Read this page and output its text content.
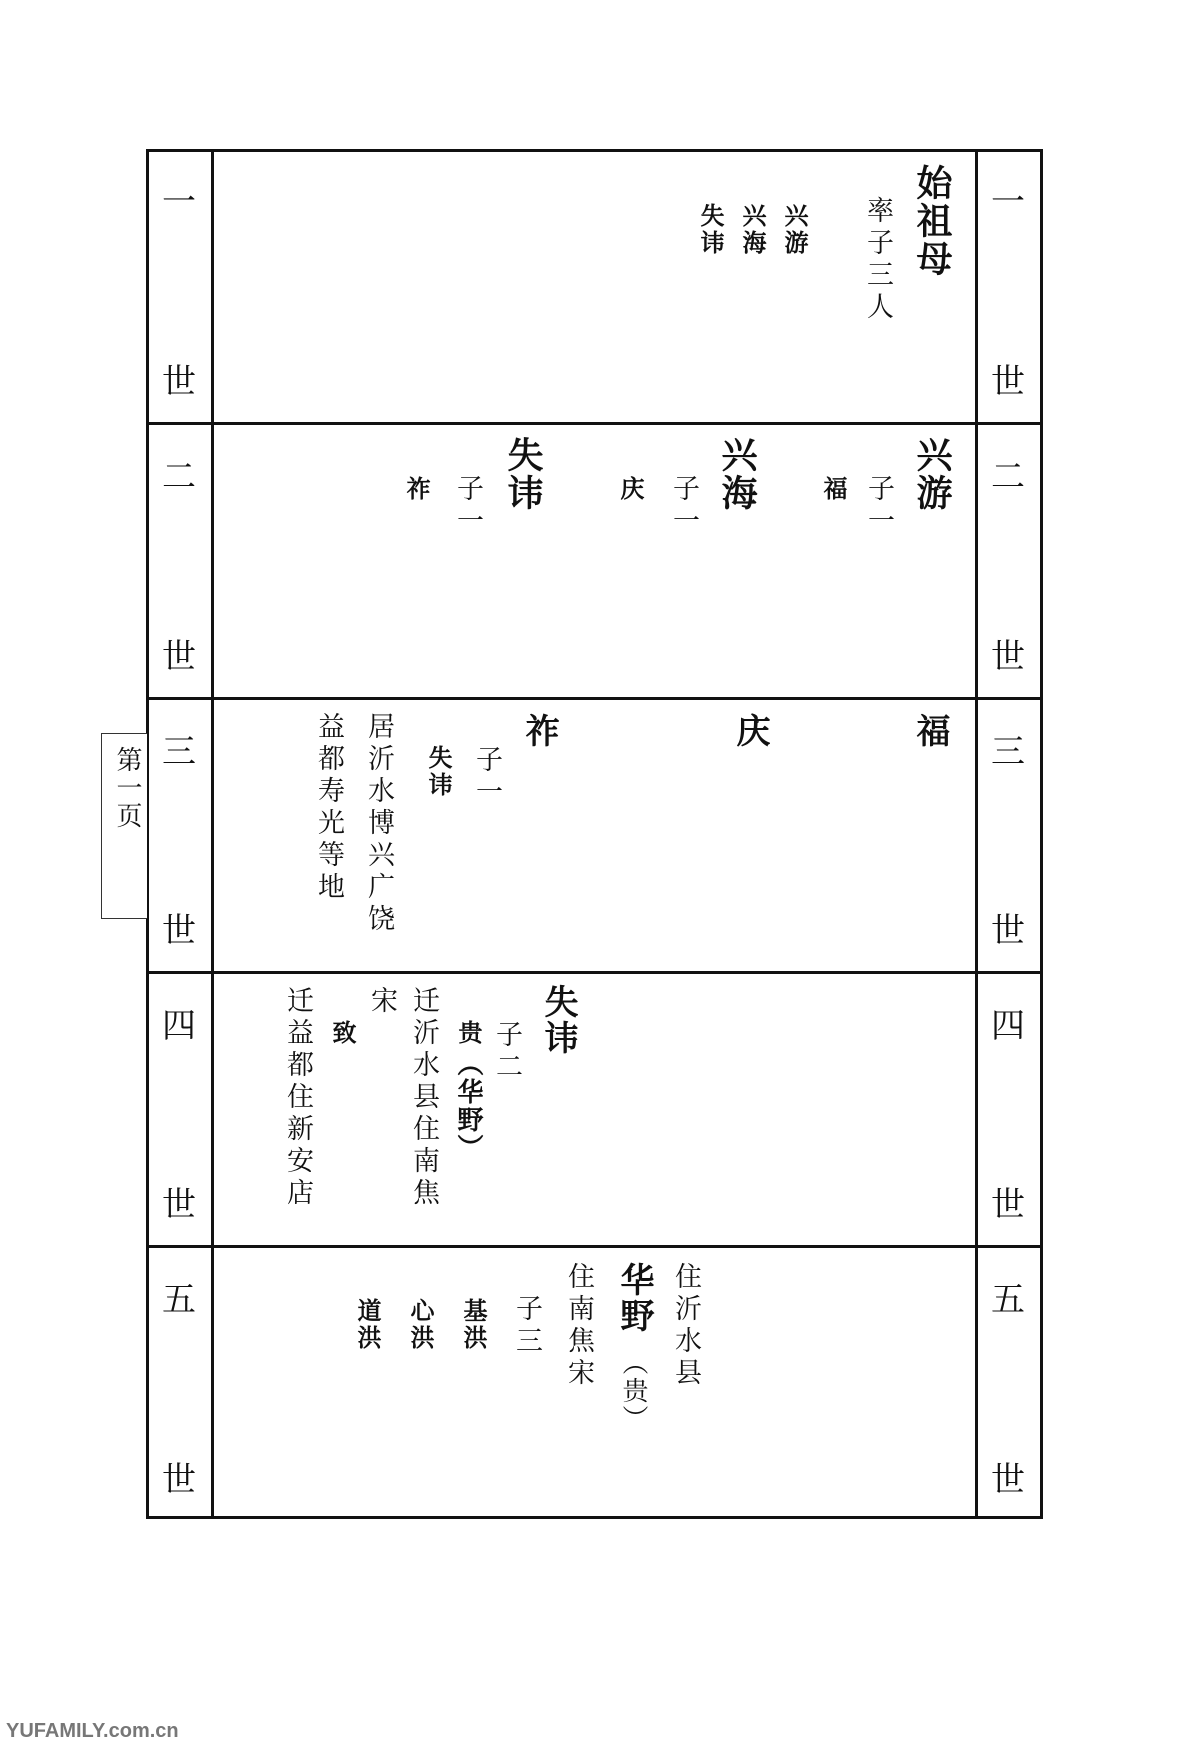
第一页
一
世
二
世
三
世
四
世
五
世
一
世
二
世
三
世
四
世
五
世
始祖母
率子三人
兴游
兴海
失讳
兴游
子一
福
兴海
子一
庆
失讳
子一
祚
福
庆
祚
子一
失讳
居沂水博兴广饶
益都寿光等地
失讳
子二
贵
（华野）
迁沂水县住南焦
宋
致
迁益都住新安店
住沂水县
华野
（贵）
住南焦宋
子三
基洪
心洪
道洪
YUFAMILY.com.cn
